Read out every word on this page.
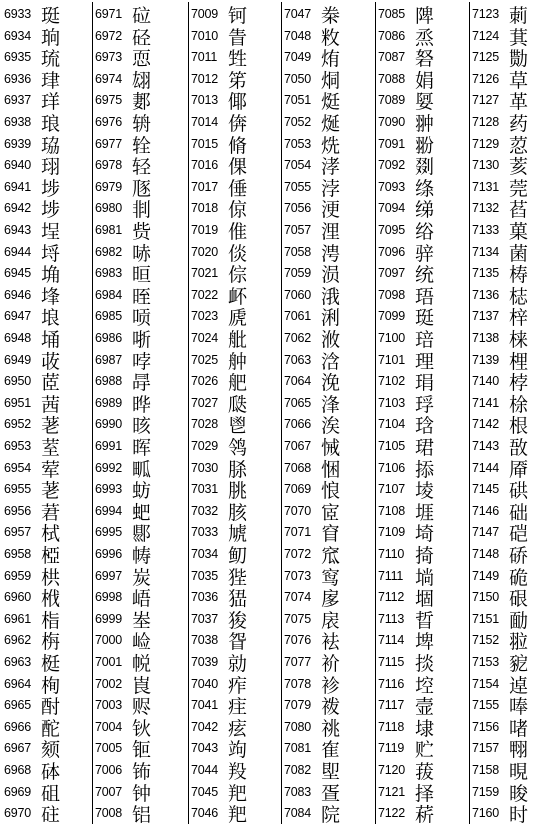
6933 珽
6934 珦
6935 琉
6936 珒
6937 珜
6938 琅
6939 珕
6940 珝
6941 埗
6942 埗
6943 埕
6944 埒
6945 埆
6946 埄
6947 埌
6948 埇
6949 荍
6950 茝
6951 茜
6952 荖
6953 荎
6954 荤
6955 荖
6956 莙
6957 栻
6958 椏
6959 栱
6960 栰
6961 栺
6962 栴
6963 梃
6964 栒
6965 酎
6966 酡
6967 颏
6968 砵
6969 砠
6970 砫
6971 砬
6972 硁
6973 恧
6974 翃
6975 郪
6976 辀
6977 辁
6978 轻
6979 豗
6980 剕
6981 赀
6982 哧
6983 晅
6984 晊
6985 唝
6986 哳
6987 哱
6988 冔
6989 晔
6990 晐
6991 晖
6992 畖
6993 蚄
6994 蚆
6995 郻
6996 帱
6997 炭
6998 峿
6999 峚
7000 崄
7001 帨
7002 崀
7003 赆
7004 钬
7005 钷
7006 钸
7007 钟
7008 铝
7009 钶
7010 眚
7011 甡
7012 笫
7013 倻
7014 倴
7015 脩
7016 倮
7017 倕
7018 倞
7019 倠
7020 倓
7021 倧
7022 衃
7023 虒
7024 舭
7025 舯
7026 舥
7027 瓞
7028 鬯
7029 鸰
7030 脎
7031 朓
7032 胲
7033 虓
7034 鱽
7035 狴
7036 峱
7037 狻
7038 眢
7039 勍
7040 痄
7041 疰
7042 痃
7043 竘
7044 羖
7045 羓
7046 羓
7047 桊
7048 敉
7049 烠
7050 烔
7051 烶
7052 烻
7053 烍
7054 涍
7055 浡
7056 浭
7057 浬
7058 涄
7059 涢
7060 涐
7061 浰
7062 浟
7063 浛
7064 浼
7065 浲
7066 涘
7067 悈
7068 悃
7069 悢
7070 宧
7071 窅
7072 窊
7073 窎
7074 扅
7075 扆
7076 袪
7077 衸
7078 袗
7079 袯
7080 祧
7081 隺
7082 堲
7083 疍
7084 院
7085 陴
7086 烝
7087 砮
7088 娟
7089 娿
7090 翀
7091 翂
7092 剟
7093 绦
7094 绨
7095 绤
7096 骍
7097 统
7098 珸
7099 珽
7100 琣
7101 理
7102 琄
7103 琈
7104 琀
7105 珺
7106 掭
7107 堎
7108 堐
7109 埼
7110 掎
7111 埫
7112 堌
7113 晢
7114 埤
7115 掞
7116 埪
7117 壸
7118 埭
7119 贮
7120 菝
7121 择
7122 菥
7123 莿
7124 萁
7125 勚
7126 草
7127 革
7128 药
7129 荵
7130 荄
7131 莞
7132 萏
7133 菓
7134 菌
7135 梼
7136 梽
7137 梓
7138 梾
7139 梩
7140 桲
7141 梌
7142 根
7143 敔
7144 厣
7145 硔
7146 础
7147 硙
7148 硚
7149 硊
7150 硍
7151 勔
7152 翋
7153 豟
7154 逴
7155 唪
7156 啫
7157 翈
7158 晛
7159 晙
7160 时
